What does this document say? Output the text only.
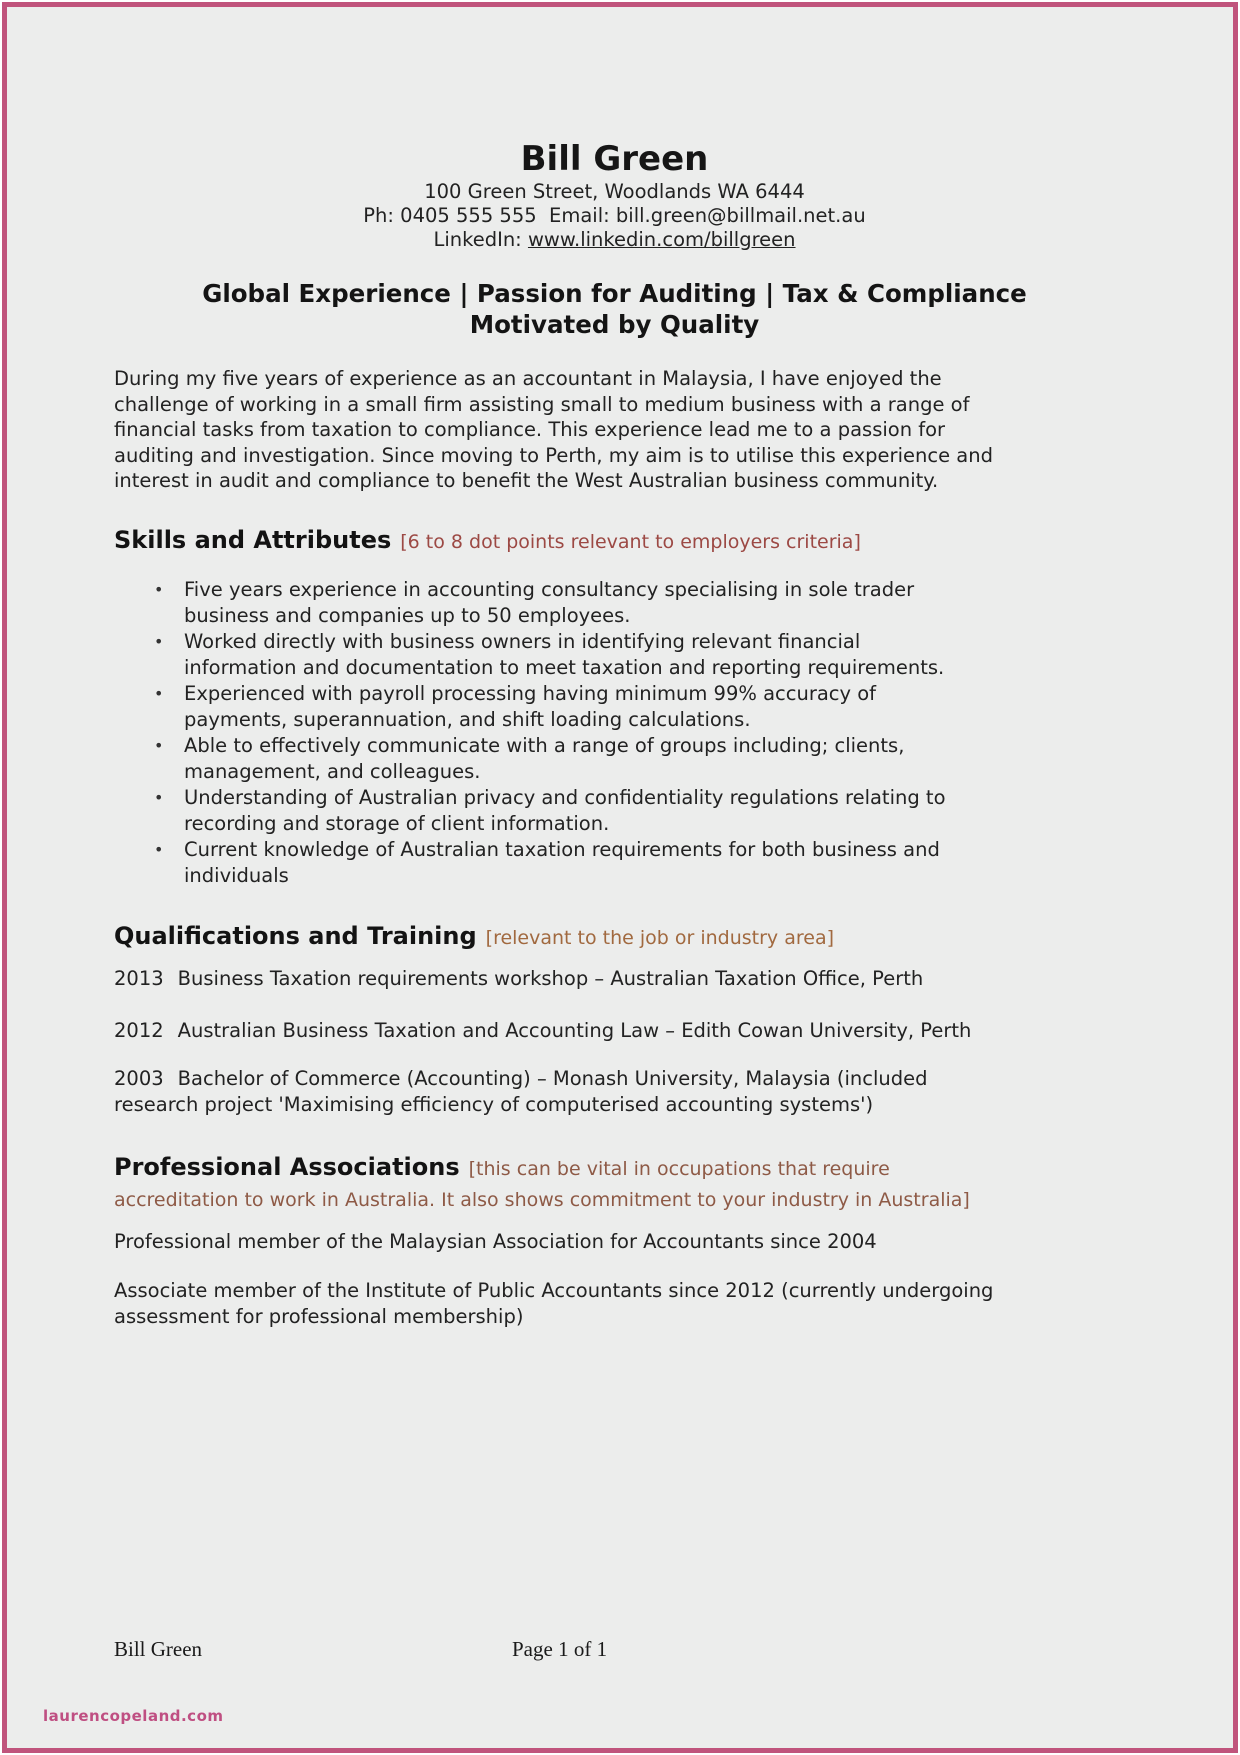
Bill Green
100 Green Street, Woodlands WA 6444
Ph: 0405 555 555  Email: bill.green@billmail.net.au
LinkedIn: www.linkedin.com/billgreen
Global Experience | Passion for Auditing | Tax & Compliance
Motivated by Quality
During my five years of experience as an accountant in Malaysia, I have enjoyed the challenge of working in a small firm assisting small to medium business with a range of financial tasks from taxation to compliance. This experience lead me to a passion for auditing and investigation. Since moving to Perth, my aim is to utilise this experience and interest in audit and compliance to benefit the West Australian business community.
Skills and Attributes [6 to 8 dot points relevant to employers criteria]
•	Five years experience in accounting consultancy specialising in sole trader business and companies up to 50 employees.
•	Worked directly with business owners in identifying relevant financial information and documentation to meet taxation and reporting requirements.
•	Experienced with payroll processing having minimum 99% accuracy of payments, superannuation, and shift loading calculations.
•	Able to effectively communicate with a range of groups including; clients, management, and colleagues.
•	Understanding of Australian privacy and confidentiality regulations relating to recording and storage of client information.
•	Current knowledge of Australian taxation requirements for both business and individuals
Qualifications and Training [relevant to the job or industry area]
2013 Business Taxation requirements workshop – Australian Taxation Office, Perth
2012 Australian Business Taxation and Accounting Law – Edith Cowan University, Perth
2003 Bachelor of Commerce (Accounting) – Monash University, Malaysia (included research project 'Maximising efficiency of computerised accounting systems')
Professional Associations [this can be vital in occupations that require accreditation to work in Australia. It also shows commitment to your industry in Australia]
Professional member of the Malaysian Association for Accountants since 2004
Associate member of the Institute of Public Accountants since 2012 (currently undergoing assessment for professional membership)
Bill Green	Page 1 of 1
laurencopeland.com
